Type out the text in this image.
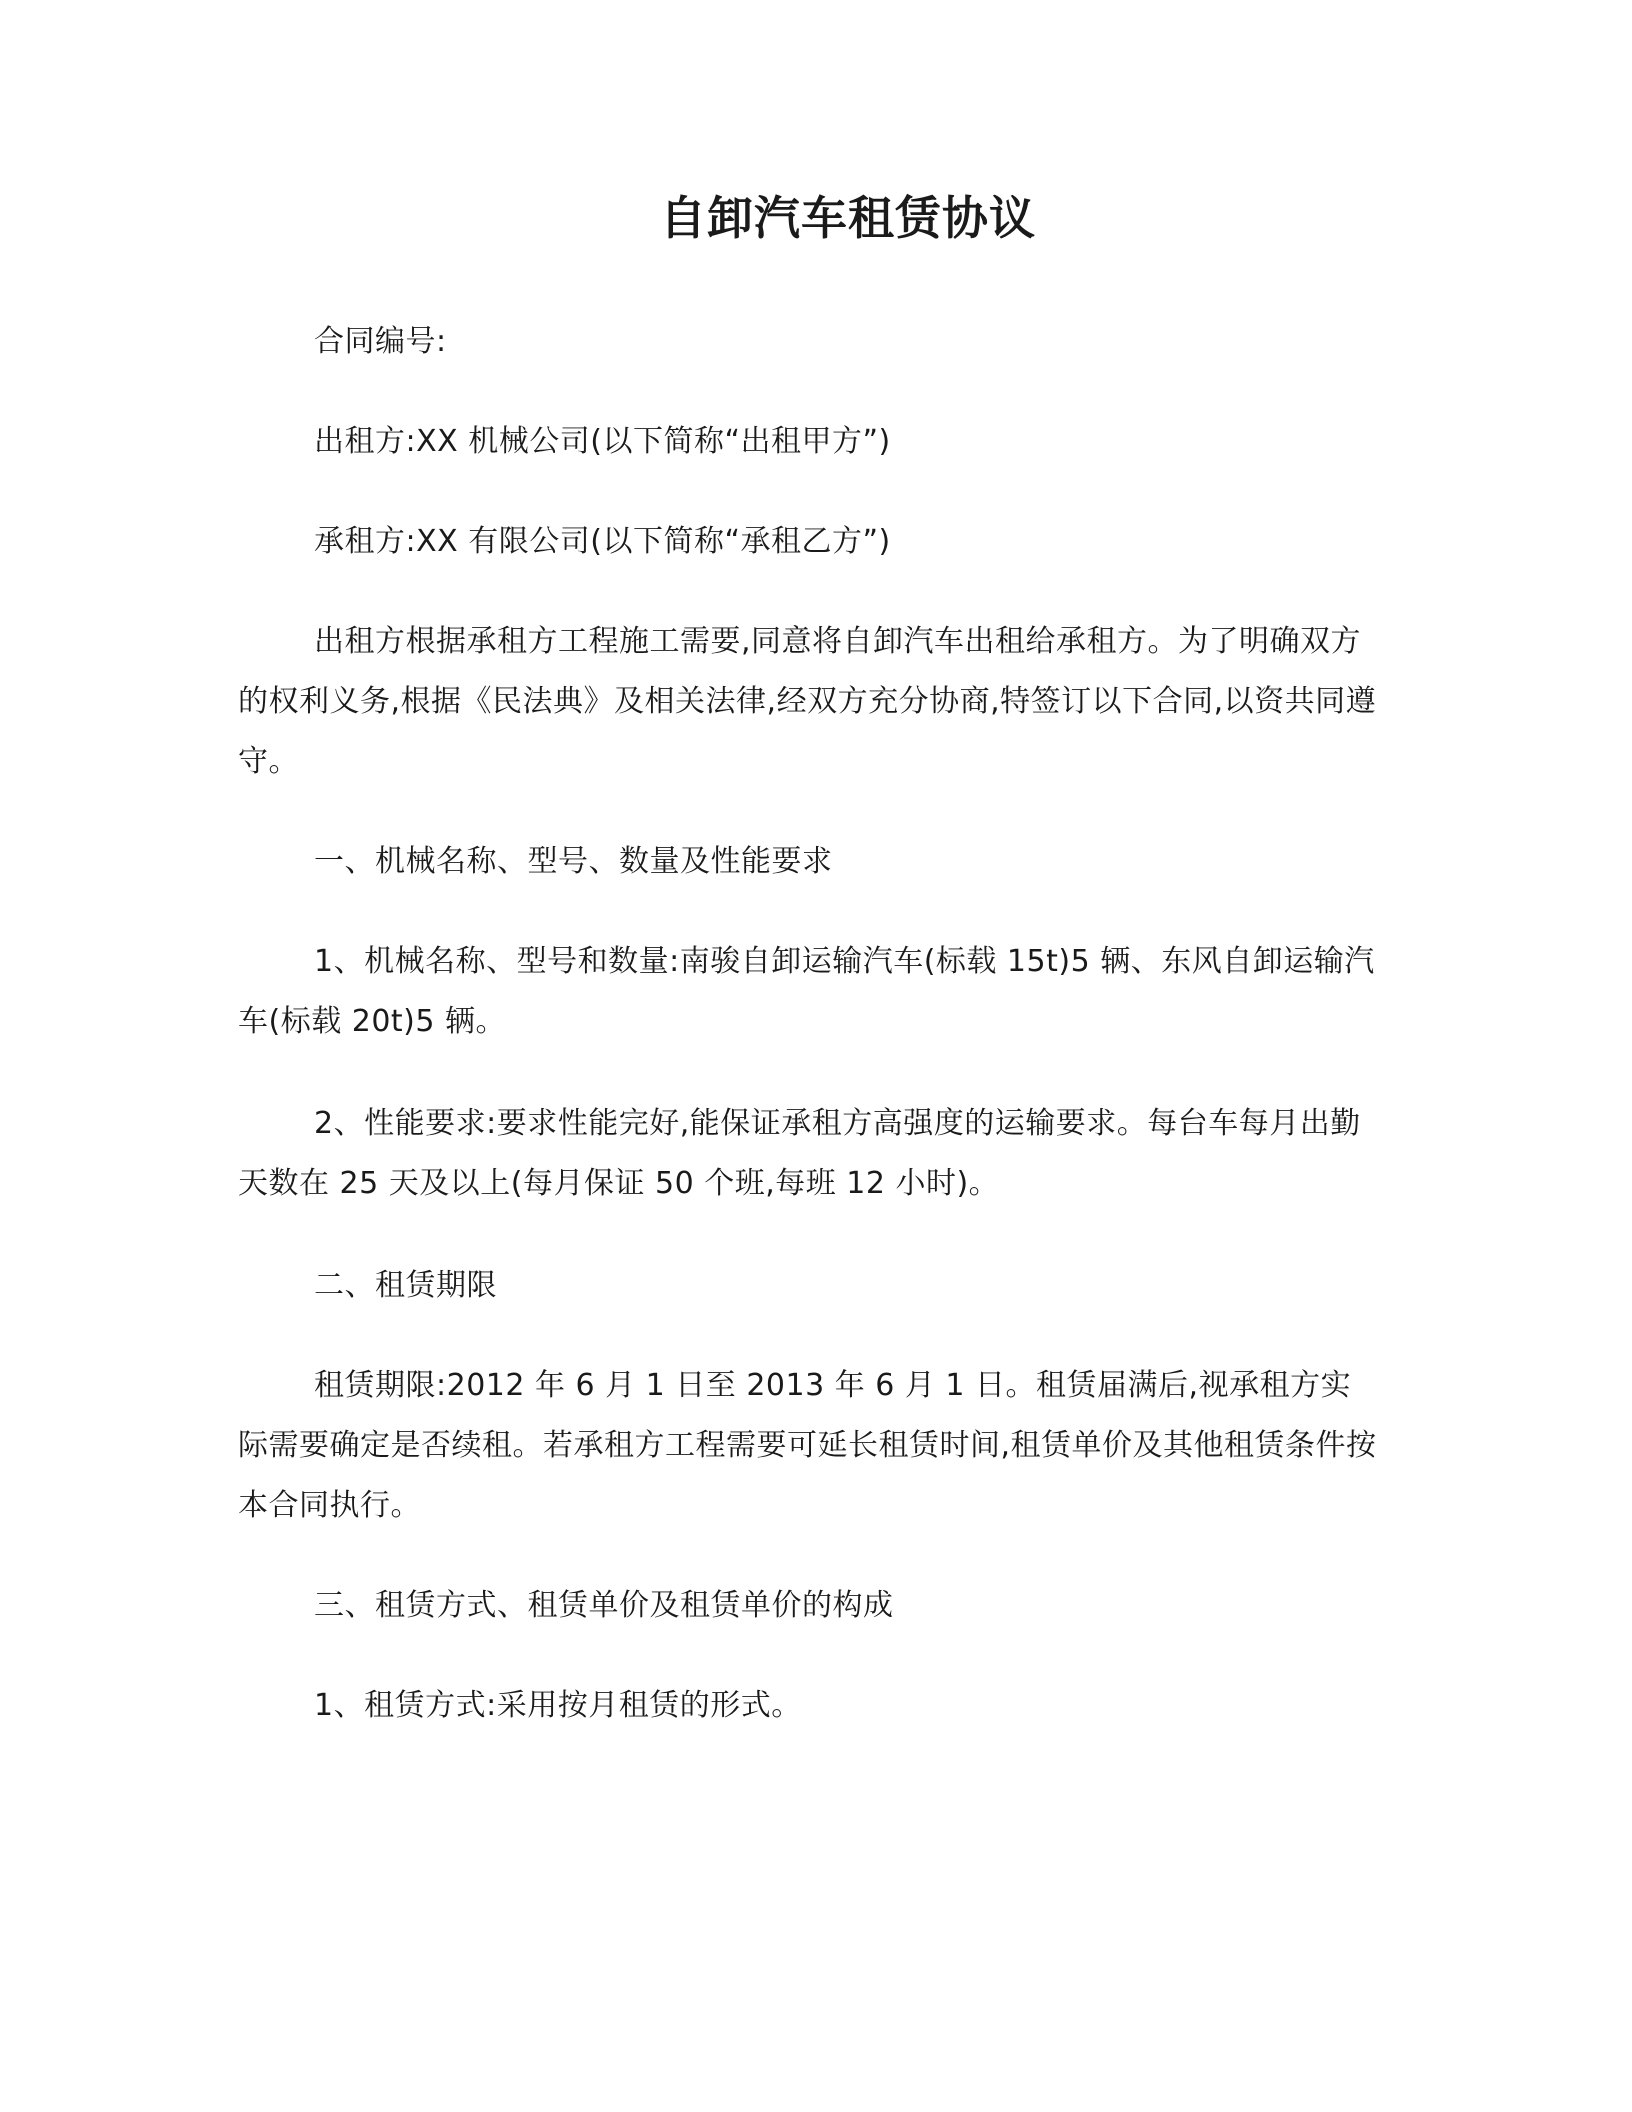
自卸汽车租赁协议

合同编号:

出租方:XX 机械公司(以下简称“出租甲方”)

承租方:XX 有限公司(以下简称“承租乙方”)

出租方根据承租方工程施工需要,同意将自卸汽车出租给承租方。为了明确双方的权利义务,根据《民法典》及相关法律,经双方充分协商,特签订以下合同,以资共同遵守。

一、机械名称、型号、数量及性能要求

1、机械名称、型号和数量:南骏自卸运输汽车(标载 15t)5 辆、东风自卸运输汽车(标载 20t)5 辆。

2、性能要求:要求性能完好,能保证承租方高强度的运输要求。每台车每月出勤天数在 25 天及以上(每月保证 50 个班,每班 12 小时)。

二、租赁期限

租赁期限:2012 年 6 月 1 日至 2013 年 6 月 1 日。租赁届满后,视承租方实际需要确定是否续租。若承租方工程需要可延长租赁时间,租赁单价及其他租赁条件按本合同执行。

三、租赁方式、租赁单价及租赁单价的构成

1、租赁方式:采用按月租赁的形式。
